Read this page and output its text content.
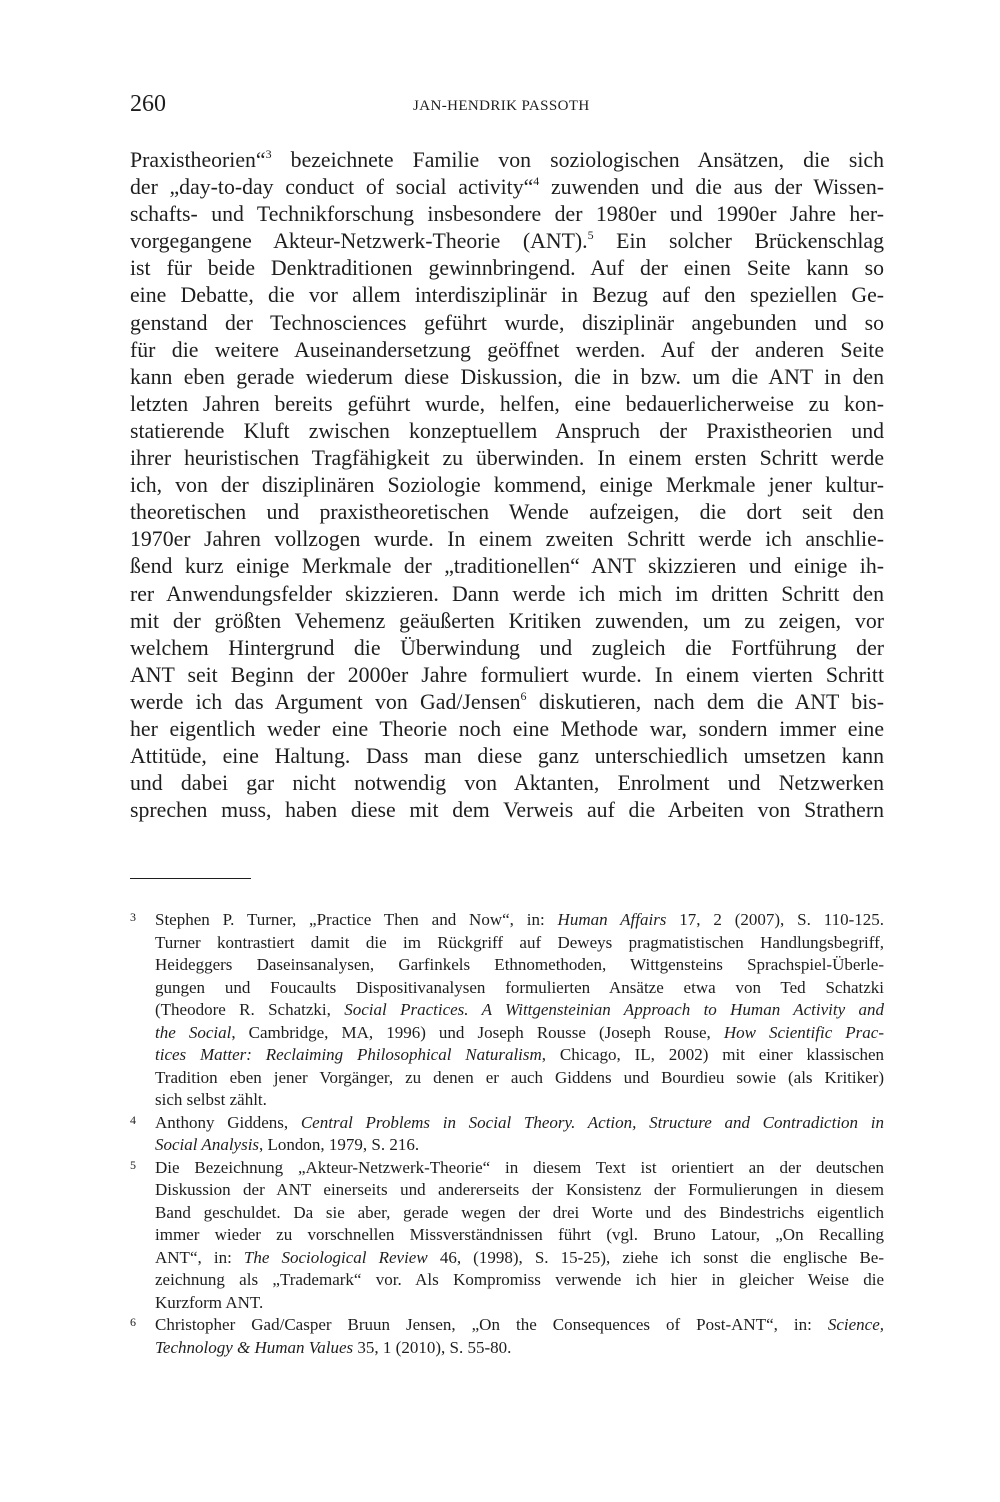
260	JAN-HENDRIK PASSOTH
Praxistheorien“$^3$ bezeichnete Familie von soziologischen Ansätzen, die sich
der „day-to-day conduct of social activity“$^4$ zuwenden und die aus der Wissen-
schafts- und Technikforschung insbesondere der 1980er und 1990er Jahre her-
vorgegangene Akteur-Netzwerk-Theorie (ANT).$^5$ Ein solcher Brückenschlag
ist für beide Denktraditionen gewinnbringend. Auf der einen Seite kann so
eine Debatte, die vor allem interdisziplinär in Bezug auf den speziellen Ge-
genstand der Technosciences geführt wurde, disziplinär angebunden und so
für die weitere Auseinandersetzung geöffnet werden. Auf der anderen Seite
kann eben gerade wiederum diese Diskussion, die in bzw. um die ANT in den
letzten Jahren bereits geführt wurde, helfen, eine bedauerlicherweise zu kon-
statierende Kluft zwischen konzeptuellem Anspruch der Praxistheorien und
ihrer heuristischen Tragfähigkeit zu überwinden. In einem ersten Schritt werde
ich, von der disziplinären Soziologie kommend, einige Merkmale jener kultur-
theoretischen und praxistheoretischen Wende aufzeigen, die dort seit den
1970er Jahren vollzogen wurde. In einem zweiten Schritt werde ich anschlie-
ßend kurz einige Merkmale der „traditionellen“ ANT skizzieren und einige ih-
rer Anwendungsfelder skizzieren. Dann werde ich mich im dritten Schritt den
mit der größten Vehemenz geäußerten Kritiken zuwenden, um zu zeigen, vor
welchem Hintergrund die Überwindung und zugleich die Fortführung der
ANT seit Beginn der 2000er Jahre formuliert wurde. In einem vierten Schritt
werde ich das Argument von Gad/Jensen$^6$ diskutieren, nach dem die ANT bis-
her eigentlich weder eine Theorie noch eine Methode war, sondern immer eine
Attitüde, eine Haltung. Dass man diese ganz unterschiedlich umsetzen kann
und dabei gar nicht notwendig von Aktanten, Enrolment und Netzwerken
sprechen muss, haben diese mit dem Verweis auf die Arbeiten von Strathern
3 Stephen P. Turner, „Practice Then and Now“, in: Human Affairs 17, 2 (2007), S. 110-125.
Turner kontrastiert damit die im Rückgriff auf Deweys pragmatistischen Handlungsbegriff,
Heideggers Daseinsanalysen, Garfinkels Ethnomethoden, Wittgensteins Sprachspiel-Überle-
gungen und Foucaults Dispositivanalysen formulierten Ansätze etwa von Ted Schatzki
(Theodore R. Schatzki, Social Practices. A Wittgensteinian Approach to Human Activity and
the Social, Cambridge, MA, 1996) und Joseph Rousse (Joseph Rouse, How Scientific Prac-
tices Matter: Reclaiming Philosophical Naturalism, Chicago, IL, 2002) mit einer klassischen
Tradition eben jener Vorgänger, zu denen er auch Giddens und Bourdieu sowie (als Kritiker)
sich selbst zählt.
4 Anthony Giddens, Central Problems in Social Theory. Action, Structure and Contradiction in
Social Analysis, London, 1979, S. 216.
5 Die Bezeichnung „Akteur-Netzwerk-Theorie“ in diesem Text ist orientiert an der deutschen
Diskussion der ANT einerseits und andererseits der Konsistenz der Formulierungen in diesem
Band geschuldet. Da sie aber, gerade wegen der drei Worte und des Bindestrichs eigentlich
immer wieder zu vorschnellen Missverständnissen führt (vgl. Bruno Latour, „On Recalling
ANT“, in: The Sociological Review 46, (1998), S. 15-25), ziehe ich sonst die englische Be-
zeichnung als „Trademark“ vor. Als Kompromiss verwende ich hier in gleicher Weise die
Kurzform ANT.
6 Christopher Gad/Casper Bruun Jensen, „On the Consequences of Post-ANT“, in: Science,
Technology & Human Values 35, 1 (2010), S. 55-80.
